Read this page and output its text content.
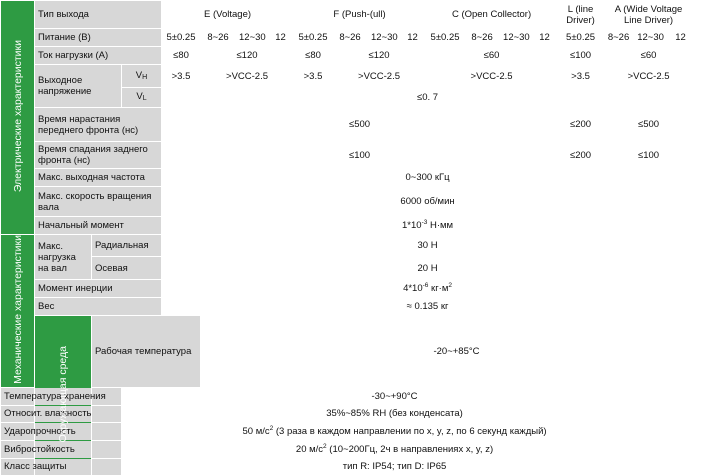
Электрические характеристики	Тип выхода			E (Voltage)				F (Push-(ull)				C (Open Collector)				L (line Driver)	A (Wide Voltage Line Driver)		
	Питание (В)			5±0.25	8~26	12~30	12	5±0.25	8~26	12~30	12	5±0.25	8~26	12~30	12	5±0.25	8~26	12~30	12
	Ток нагрузки (А)			≤80	≤120			≤80	≤120			≤60				≤100	≤60		
	Выходное напряжение		$V_H$	>3.5	>VCC-2.5			>3.5	>VCC-2.5			>VCC-2.5				>3.5	>VCC-2.5		
			$V_L$	≤0. 7															
	Время нарастания переднего фронта (нс)			≤500												≤200	≤500		
	Время спадания заднего фронта (нс)			≤100												≤200	≤100		
	Макс. выходная частота			0~300 кГц															
	Макс. скорость вращения вала			6000 об/мин															
	Начальный момент			$1*10^{-3}$ Н·мм															
Механические характеристики	Макс. нагрузка на вал	Радиальная		30 Н															
		Осевая		20 Н															
	Момент инерции			$4*10^{-6}$ $кг\cdot м^2$
	Вес			≈ 0.135 кг															
	Окружающая среда	Рабочая температура			-20~+85°C														
Температура хранения			-30~+90°C																
Относит. влажность			35%~85% RH (без конденсата)																
Ударопрочность			50 $м/с^2$ (3 раза в каждом направлении по x, y, z, по 6 секунд каждый)																
Вибростойкость			20 $м/с^2$ (10~200Гц, 2ч в направлениях x, y, z)																
Класс защиты			тип R: IP54; тип D: IP65																
